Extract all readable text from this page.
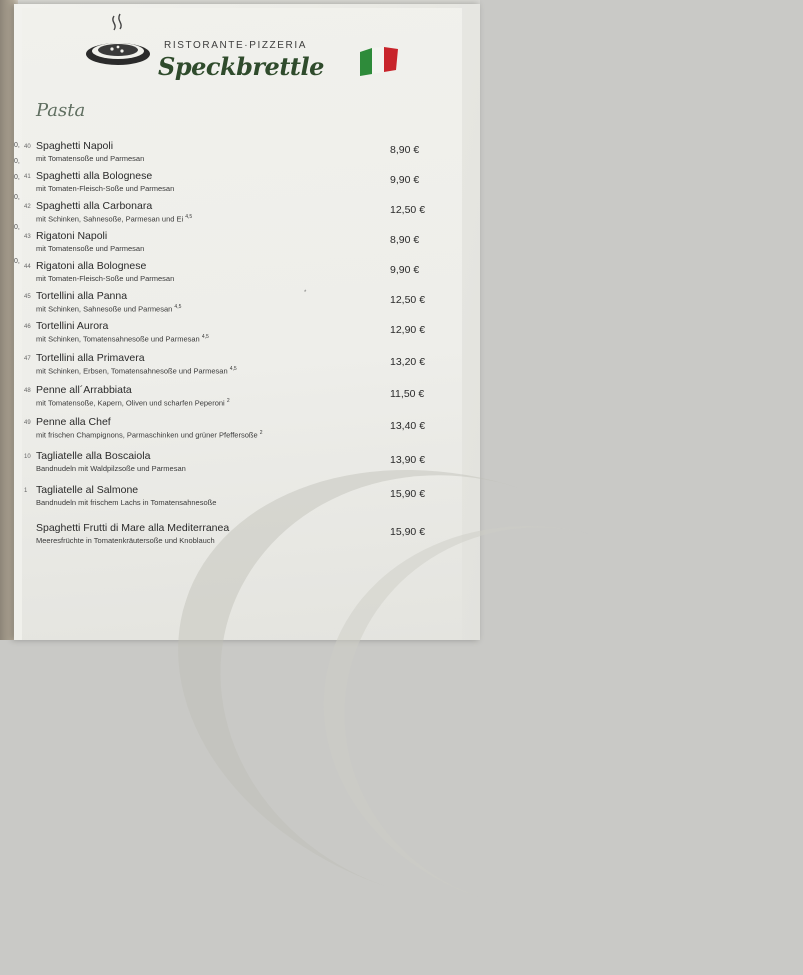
RISTORANTE·PIZZERIA
Speckbrettle
Pasta
0,
0,
0,
0,
0,
0,
40 Spaghetti Napoli
mit Tomatensoße und Parmesan
8,90 €
41 Spaghetti alla Bolognese
mit Tomaten-Fleisch-Soße und Parmesan
9,90 €
42 Spaghetti alla Carbonara
mit Schinken, Sahnesoße, Parmesan und Ei $^{4,5}$
12,50 €
43 Rigatoni Napoli
mit Tomatensoße und Parmesan
8,90 €
44 Rigatoni alla Bolognese
mit Tomaten-Fleisch-Soße und Parmesan
9,90 €
45 Tortellini alla Panna
mit Schinken, Sahnesoße und Parmesan $^{4,5}$
12,50 €
46 Tortellini Aurora
mit Schinken, Tomatensahnesoße und Parmesan $^{4,5}$
12,90 €
47 Tortellini alla Primavera
mit Schinken, Erbsen, Tomatensahnesoße und Parmesan $^{4,5}$
13,20 €
48 Penne all´Arrabbiata
mit Tomatensoße, Kapern, Oliven und scharfen Peperoni $^2$
11,50 €
49 Penne alla Chef
mit frischen Champignons, Parmaschinken und grüner Pfeffersoße $^2$
13,40 €
10 Tagliatelle alla Boscaiola
Bandnudeln mit Waldpilzsoße und Parmesan
13,90 €
1 Tagliatelle al Salmone
Bandnudeln mit frischem Lachs in Tomatensahnesoße
15,90 €
Spaghetti Frutti di Mare alla Mediterranea
Meeresfrüchte in Tomatenkräutersoße und Knoblauch
15,90 €
*
